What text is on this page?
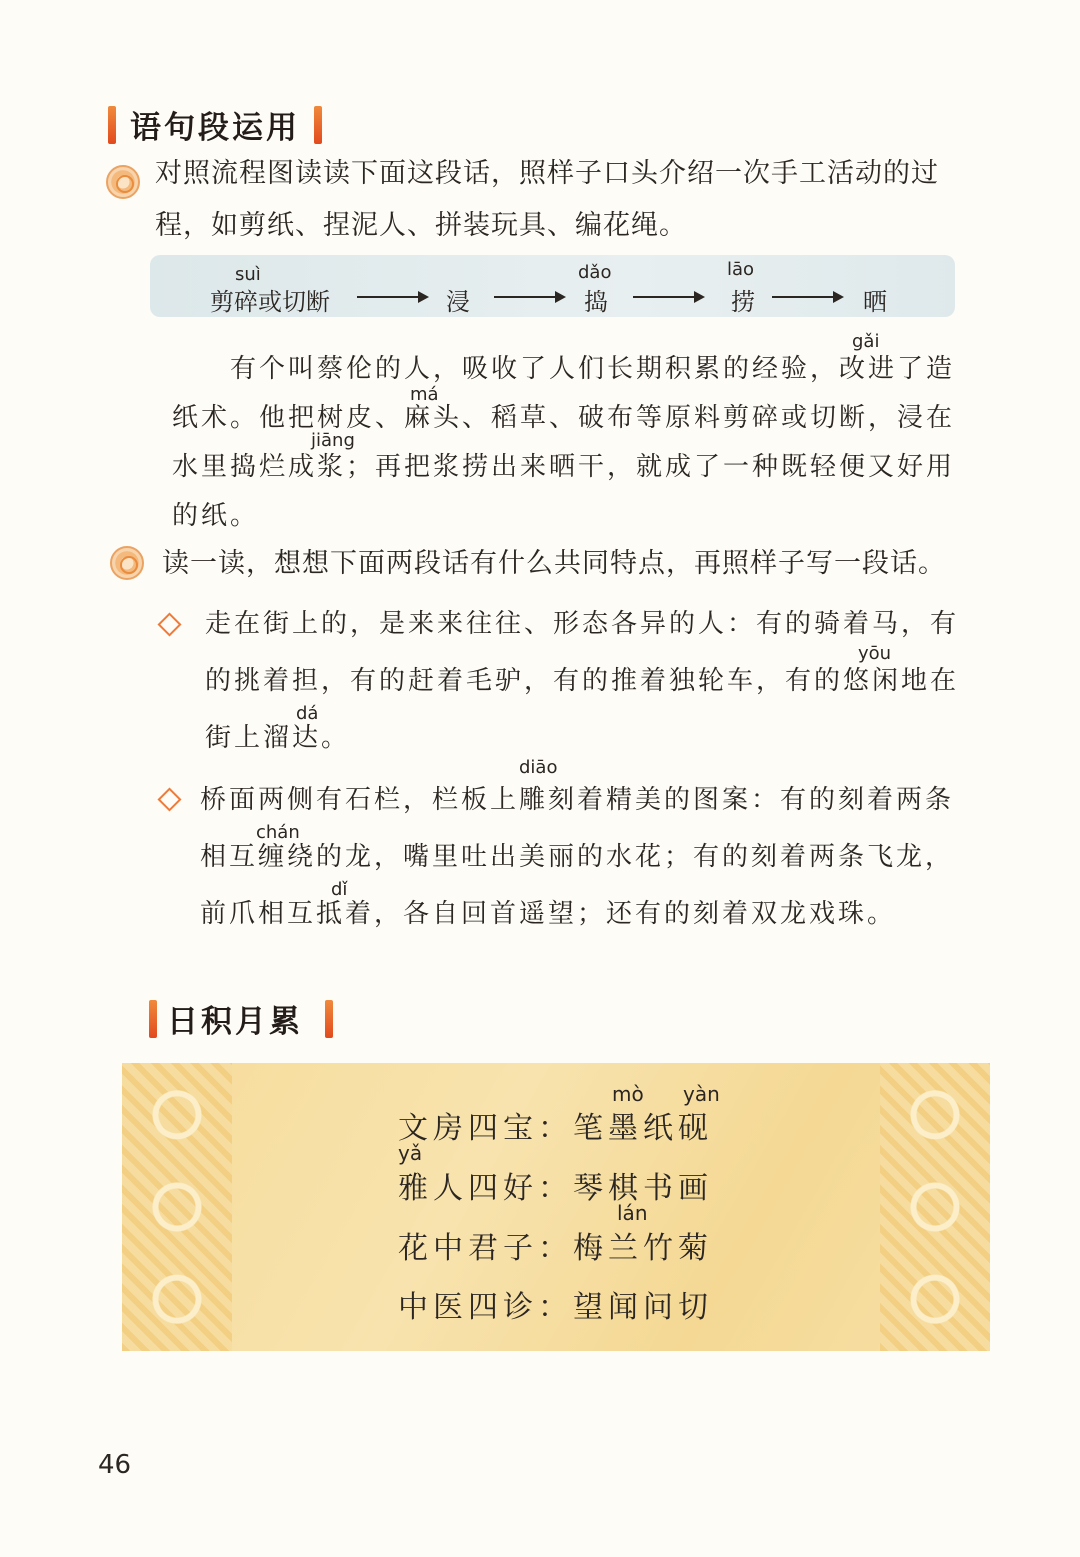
语句段运用
对照流程图读读下面这段话，照样子口头介绍一次手工活动的过
程，如剪纸、捏泥人、拼装玩具、编花绳。
suì	dǎo	lāo
剪碎或切断	浸	捣	捞	晒
gǎi
má
jiāng
有个叫蔡伦的人，吸收了人们长期积累的经验，改进了造
纸术。他把树皮、麻头、稻草、破布等原料剪碎或切断，浸在
水里捣烂成浆；再把浆捞出来晒干，就成了一种既轻便又好用
的纸。
读一读，想想下面两段话有什么共同特点，再照样子写一段话。
yōu
dá
走在街上的，是来来往往、形态各异的人：有的骑着马，有
的挑着担，有的赶着毛驴，有的推着独轮车，有的悠闲地在
街上溜达。
diāo
chán
dǐ
桥面两侧有石栏，栏板上雕刻着精美的图案：有的刻着两条
相互缠绕的龙，嘴里吐出美丽的水花；有的刻着两条飞龙，
前爪相互抵着，各自回首遥望；还有的刻着双龙戏珠。
日积月累
mò yàn
yǎ
lán
文房四宝：笔墨纸砚
雅人四好：琴棋书画
花中君子：梅兰竹菊
中医四诊：望闻问切
46
